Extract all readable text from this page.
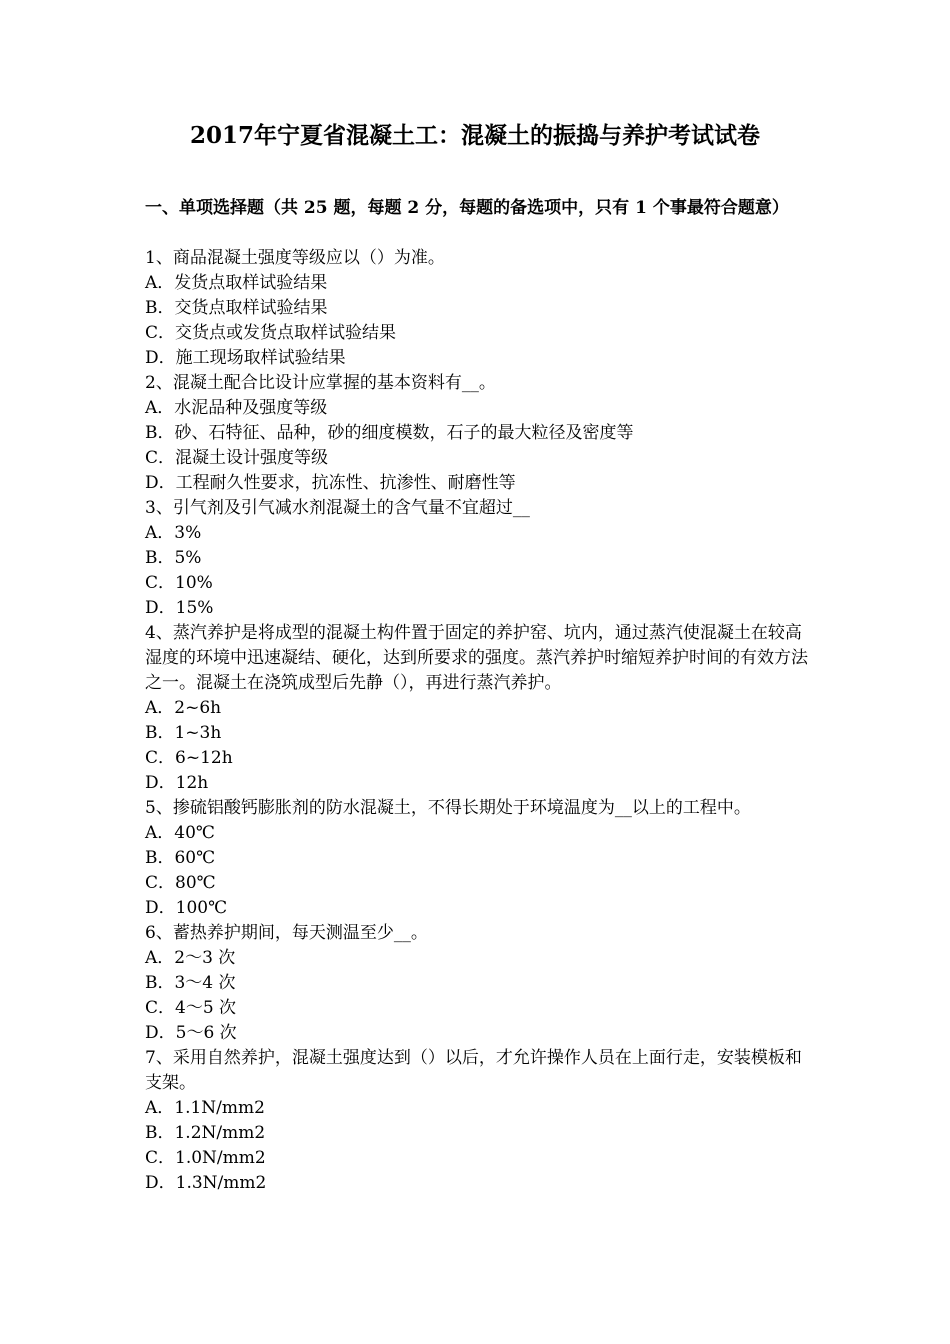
2017年宁夏省混凝土工：混凝土的振捣与养护考试试卷
一、单项选择题（共 25 题，每题 2 分，每题的备选项中，只有 1 个事最符合题意）
1、商品混凝土强度等级应以（）为准。
A．发货点取样试验结果
B．交货点取样试验结果
C．交货点或发货点取样试验结果
D．施工现场取样试验结果
2、混凝土配合比设计应掌握的基本资料有__。
A．水泥品种及强度等级
B．砂、石特征、品种，砂的细度模数，石子的最大粒径及密度等
C．混凝土设计强度等级
D．工程耐久性要求，抗冻性、抗渗性、耐磨性等
3、引气剂及引气减水剂混凝土的含气量不宜超过__
A．3%
B．5%
C．10%
D．15%
4、蒸汽养护是将成型的混凝土构件置于固定的养护窑、坑内，通过蒸汽使混凝土在较高湿度的环境中迅速凝结、硬化，达到所要求的强度。蒸汽养护时缩短养护时间的有效方法之一。混凝土在浇筑成型后先静（），再进行蒸汽养护。
A．2~6h
B．1~3h
C．6~12h
D．12h
5、掺硫铝酸钙膨胀剂的防水混凝土，不得长期处于环境温度为__以上的工程中。
A．40℃
B．60℃
C．80℃
D．100℃
6、蓄热养护期间，每天测温至少__。
A．2～3 次
B．3～4 次
C．4～5 次
D．5～6 次
7、采用自然养护，混凝土强度达到（）以后，才允许操作人员在上面行走，安装模板和支架。
A．1.1N/mm2
B．1.2N/mm2
C．1.0N/mm2
D．1.3N/mm2
